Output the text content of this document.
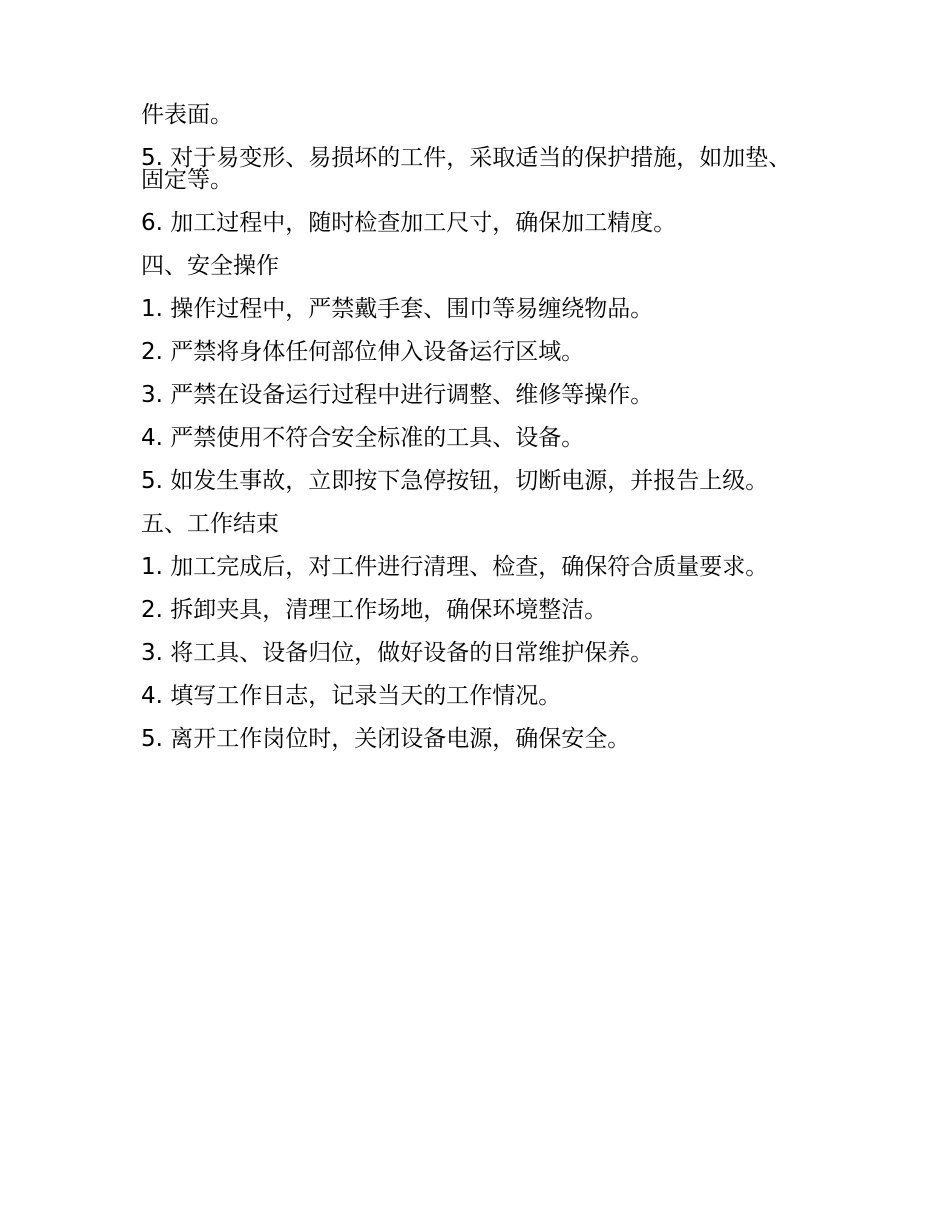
件表面。

5. 对于易变形、易损坏的工件，采取适当的保护措施，如加垫、固定等。

6. 加工过程中，随时检查加工尺寸，确保加工精度。

四、安全操作

1. 操作过程中，严禁戴手套、围巾等易缠绕物品。

2. 严禁将身体任何部位伸入设备运行区域。

3. 严禁在设备运行过程中进行调整、维修等操作。

4. 严禁使用不符合安全标准的工具、设备。

5. 如发生事故，立即按下急停按钮，切断电源，并报告上级。

五、工作结束

1. 加工完成后，对工件进行清理、检查，确保符合质量要求。

2. 拆卸夹具，清理工作场地，确保环境整洁。

3. 将工具、设备归位，做好设备的日常维护保养。

4. 填写工作日志，记录当天的工作情况。

5. 离开工作岗位时，关闭设备电源，确保安全。
